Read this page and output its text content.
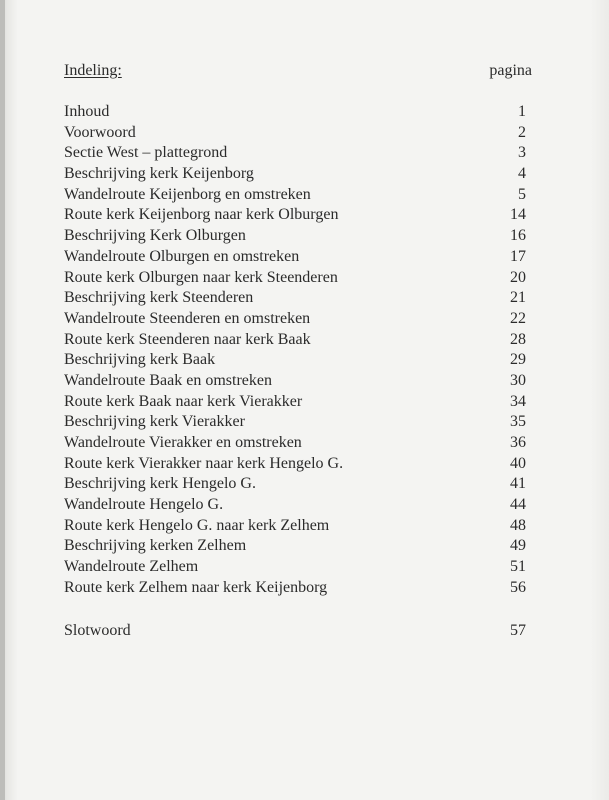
Indeling:	pagina
Inhoud	1
Voorwoord	2
Sectie West – plattegrond	3
Beschrijving kerk Keijenborg	4
Wandelroute Keijenborg en omstreken	5
Route kerk Keijenborg naar kerk Olburgen	14
Beschrijving Kerk Olburgen	16
Wandelroute Olburgen en omstreken	17
Route kerk Olburgen naar kerk Steenderen	20
Beschrijving kerk Steenderen	21
Wandelroute Steenderen en omstreken	22
Route kerk Steenderen naar kerk Baak	28
Beschrijving kerk Baak	29
Wandelroute Baak en omstreken	30
Route kerk Baak naar kerk Vierakker	34
Beschrijving kerk Vierakker	35
Wandelroute Vierakker en omstreken	36
Route kerk Vierakker naar kerk Hengelo G.	40
Beschrijving kerk Hengelo G.	41
Wandelroute Hengelo G.	44
Route kerk Hengelo G. naar kerk Zelhem	48
Beschrijving kerken Zelhem	49
Wandelroute Zelhem	51
Route kerk Zelhem naar kerk Keijenborg	56
Slotwoord	57
